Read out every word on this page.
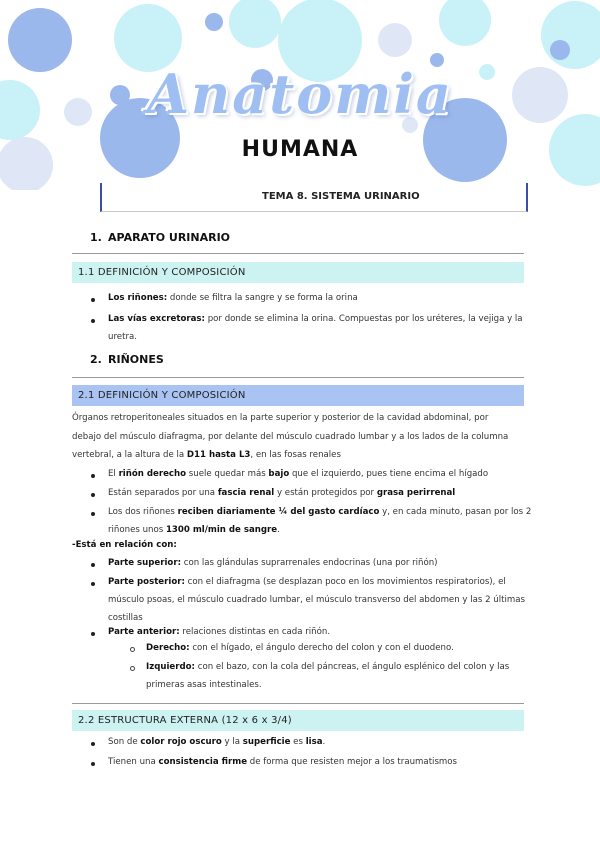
Anatomia
HUMANA
TEMA 8. SISTEMA URINARIO
1. APARATO URINARIO
1.1 DEFINICIÓN Y COMPOSICIÓN
Los riñones: donde se filtra la sangre y se forma la orina
Las vías excretoras: por donde se elimina la orina. Compuestas por los uréteres, la vejiga y la
uretra.
2. RIÑONES
2.1 DEFINICIÓN Y COMPOSICIÓN
Órganos retroperitoneales situados en la parte superior y posterior de la cavidad abdominal, por
debajo del músculo diafragma, por delante del músculo cuadrado lumbar y a los lados de la columna
vertebral, a la altura de la D11 hasta L3, en las fosas renales
El riñón derecho suele quedar más bajo que el izquierdo, pues tiene encima el hígado
Están separados por una fascia renal y están protegidos por grasa perirrenal
Los dos riñones reciben diariamente ¼ del gasto cardíaco y, en cada minuto, pasan por los 2
riñones unos 1300 ml/min de sangre.
-Está en relación con:
Parte superior: con las glándulas suprarrenales endocrinas (una por riñón)
Parte posterior: con el diafragma (se desplazan poco en los movimientos respiratorios), el
músculo psoas, el músculo cuadrado lumbar, el músculo transverso del abdomen y las 2 últimas
costillas
Parte anterior: relaciones distintas en cada riñón.
Derecho: con el hígado, el ángulo derecho del colon y con el duodeno.
Izquierdo: con el bazo, con la cola del páncreas, el ángulo esplénico del colon y las
primeras asas intestinales.
2.2 ESTRUCTURA EXTERNA (12 x 6 x 3/4)
Son de color rojo oscuro y la superficie es lisa.
Tienen una consistencia firme de forma que resisten mejor a los traumatismos
